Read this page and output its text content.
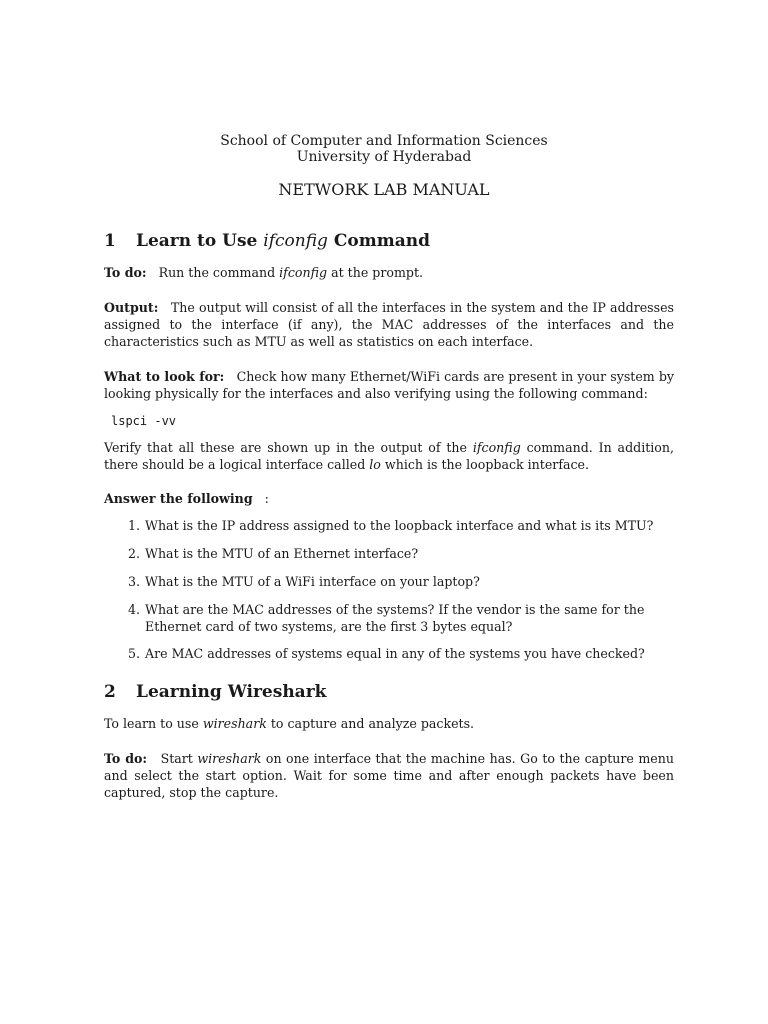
School of Computer and Information Sciences
University of Hyderabad
NETWORK LAB MANUAL
1 Learn to Use ifconfig Command
To do: Run the command ifconfig at the prompt.
Output: The output will consist of all the interfaces in the system and the IP addresses assigned to the interface (if any), the MAC addresses of the interfaces and the characteristics such as MTU as well as statistics on each interface.
What to look for: Check how many Ethernet/WiFi cards are present in your system by looking physically for the interfaces and also verifying using the following command:
lspci -vv
Verify that all these are shown up in the output of the ifconfig command. In addition, there should be a logical interface called lo which is the loopback interface.
Answer the following :
1. What is the IP address assigned to the loopback interface and what is its MTU?
2. What is the MTU of an Ethernet interface?
3. What is the MTU of a WiFi interface on your laptop?
4. What are the MAC addresses of the systems? If the vendor is the same for the Ethernet card of two systems, are the first 3 bytes equal?
5. Are MAC addresses of systems equal in any of the systems you have checked?
2 Learning Wireshark
To learn to use wireshark to capture and analyze packets.
To do: Start wireshark on one interface that the machine has. Go to the capture menu and select the start option. Wait for some time and after enough packets have been captured, stop the capture.
